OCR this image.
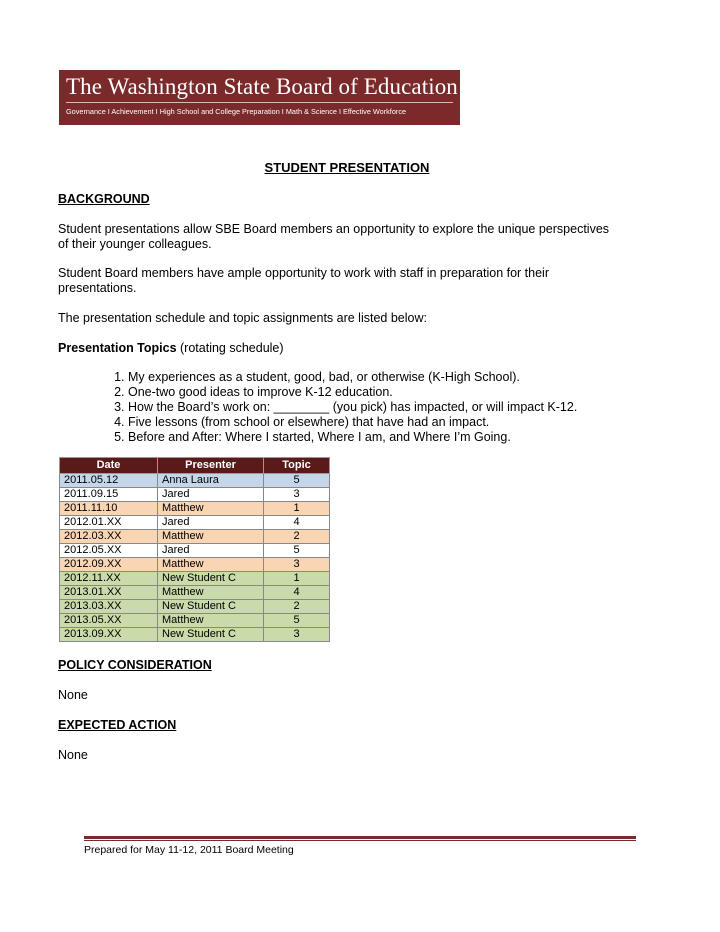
The Washington State Board of Education
Governance I Achievement I High School and College Preparation I Math & Science I Effective Workforce
STUDENT PRESENTATION
BACKGROUND
Student presentations allow SBE Board members an opportunity to explore the unique perspectives
of their younger colleagues.
Student Board members have ample opportunity to work with staff in preparation for their
presentations.
The presentation schedule and topic assignments are listed below:
Presentation Topics (rotating schedule)
1. My experiences as a student, good, bad, or otherwise (K-High School).
2. One-two good ideas to improve K-12 education.
3. How the Board’s work on: ________ (you pick) has impacted, or will impact K-12.
4. Five lessons (from school or elsewhere) that have had an impact.
5. Before and After: Where I started, Where I am, and Where I’m Going.
Date	Presenter	Topic
2011.05.12	Anna Laura	5
2011.09.15	Jared	3
2011.11.10	Matthew	1
2012.01.XX	Jared	4
2012.03.XX	Matthew	2
2012.05.XX	Jared	5
2012.09.XX	Matthew	3
2012.11.XX	New Student C	1
2013.01.XX	Matthew	4
2013.03.XX	New Student C	2
2013.05.XX	Matthew	5
2013.09.XX	New Student C	3
POLICY CONSIDERATION
None
EXPECTED ACTION
None
Prepared for May 11-12, 2011 Board Meeting
